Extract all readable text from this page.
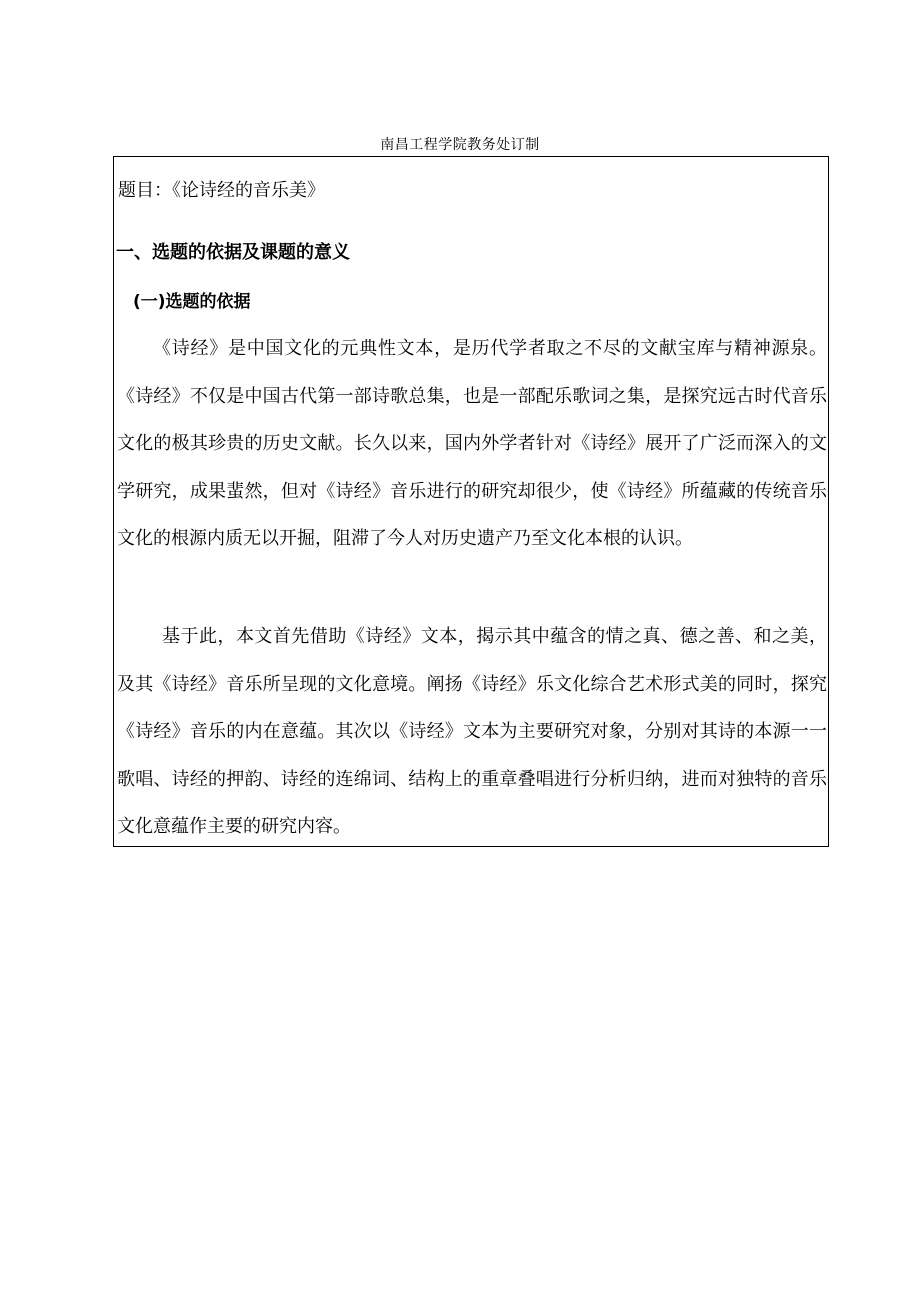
南昌工程学院教务处订制
题目：《论诗经的音乐美》
一、选题的依据及课题的意义
(一)选题的依据

《诗经》是中国文化的元典性文本，是历代学者取之不尽的文献宝库与精神源泉。《诗经》不仅是中国古代第一部诗歌总集，也是一部配乐歌词之集，是探究远古时代音乐文化的极其珍贵的历史文献。长久以来，国内外学者针对《诗经》展开了广泛而深入的文学研究，成果蜚然，但对《诗经》音乐进行的研究却很少，使《诗经》所蕴藏的传统音乐文化的根源内质无以开掘，阻滞了今人对历史遗产乃至文化本根的认识。

基于此，本文首先借助《诗经》文本，揭示其中蕴含的情之真、德之善、和之美，及其《诗经》音乐所呈现的文化意境。阐扬《诗经》乐文化综合艺术形式美的同时，探究《诗经》音乐的内在意蕴。其次以《诗经》文本为主要研究对象，分别对其诗的本源一一歌唱、诗经的押韵、诗经的连绵词、结构上的重章叠唱进行分析归纳，进而对独特的音乐文化意蕴作主要的研究内容。
